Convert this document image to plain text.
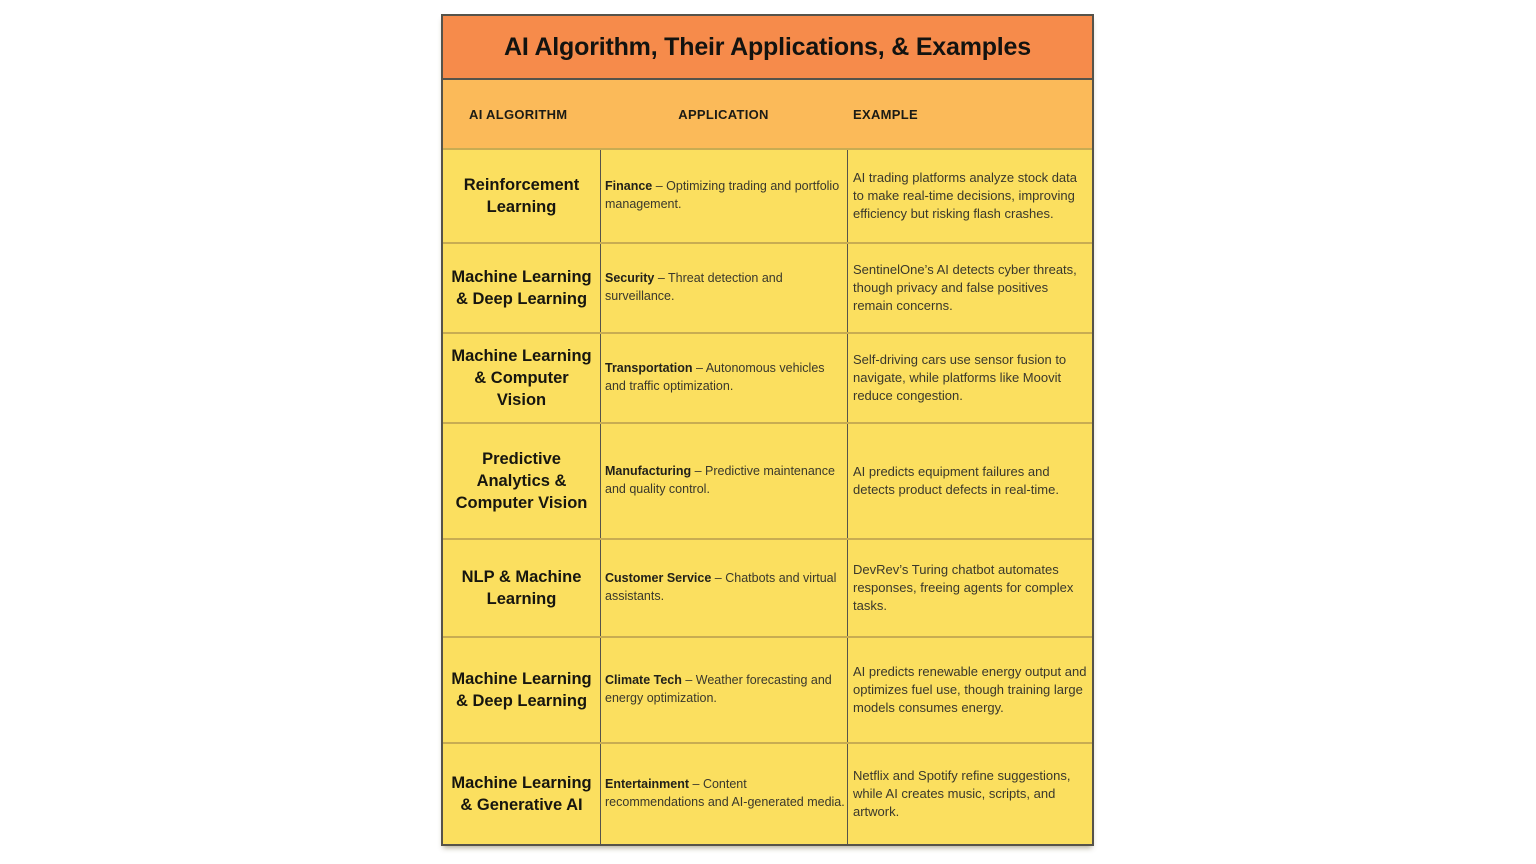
AI Algorithm, Their Applications, & Examples
AI ALGORITHM	APPLICATION	EXAMPLE
Reinforcement Learning
Finance – Optimizing trading and portfolio management.
AI trading platforms analyze stock data to make real-time decisions, improving efficiency but risking flash crashes.
Machine Learning & Deep Learning
Security – Threat detection and surveillance.
SentinelOne’s AI detects cyber threats, though privacy and false positives remain concerns.
Machine Learning & Computer Vision
Transportation – Autonomous vehicles and traffic optimization.
Self-driving cars use sensor fusion to navigate, while platforms like Moovit reduce congestion.
Predictive Analytics & Computer Vision
Manufacturing – Predictive maintenance and quality control.
AI predicts equipment failures and detects product defects in real-time.
NLP & Machine Learning
Customer Service – Chatbots and virtual assistants.
DevRev’s Turing chatbot automates responses, freeing agents for complex tasks.
Machine Learning & Deep Learning
Climate Tech – Weather forecasting and energy optimization.
AI predicts renewable energy output and optimizes fuel use, though training large models consumes energy.
Machine Learning & Generative AI
Entertainment – Content recommendations and AI-generated media.
Netflix and Spotify refine suggestions, while AI creates music, scripts, and artwork.
